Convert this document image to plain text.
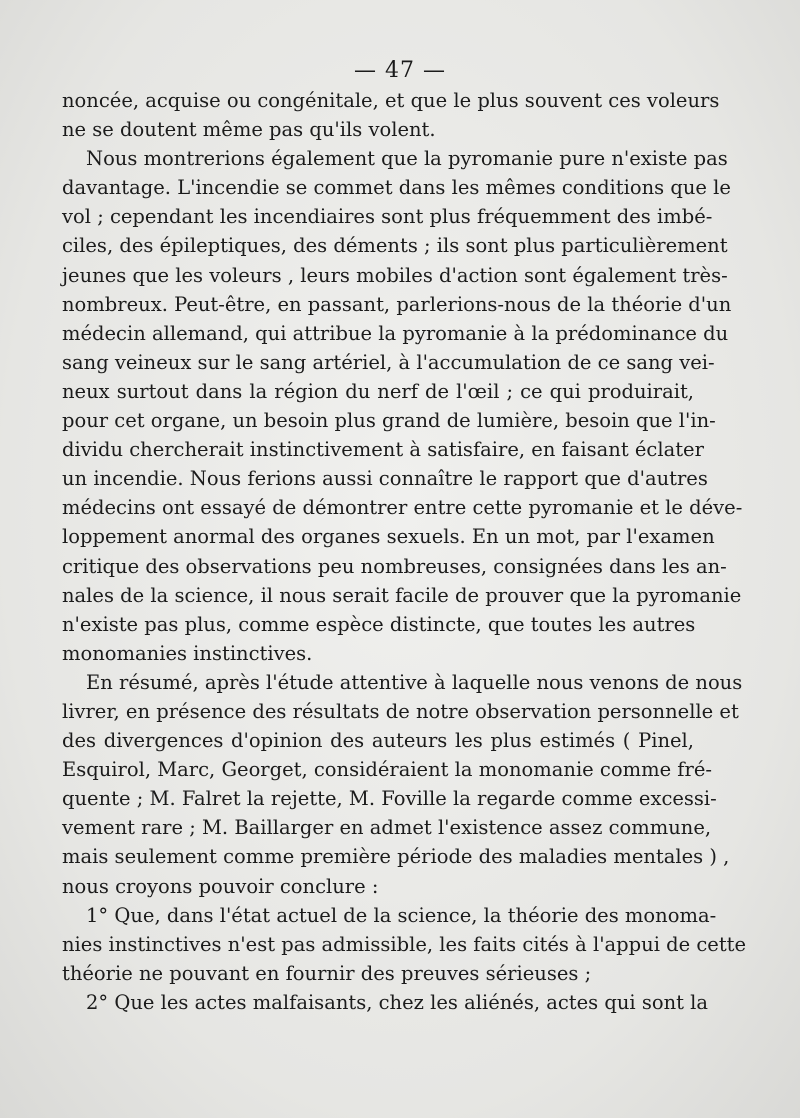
— 47 —
noncée, acquise ou congénitale, et que le plus souvent ces voleurs
ne se doutent même pas qu'ils volent.
Nous montrerions également que la pyromanie pure n'existe pas
davantage. L'incendie se commet dans les mêmes conditions que le
vol ; cependant les incendiaires sont plus fréquemment des imbé-
ciles, des épileptiques, des déments ; ils sont plus particulièrement
jeunes que les voleurs , leurs mobiles d'action sont également très-
nombreux. Peut-être, en passant, parlerions-nous de la théorie d'un
médecin allemand, qui attribue la pyromanie à la prédominance du
sang veineux sur le sang artériel, à l'accumulation de ce sang vei-
neux surtout dans la région du nerf de l'œil ; ce qui produirait,
pour cet organe, un besoin plus grand de lumière, besoin que l'in-
dividu chercherait instinctivement à satisfaire, en faisant éclater
un incendie. Nous ferions aussi connaître le rapport que d'autres
médecins ont essayé de démontrer entre cette pyromanie et le déve-
loppement anormal des organes sexuels. En un mot, par l'examen
critique des observations peu nombreuses, consignées dans les an-
nales de la science, il nous serait facile de prouver que la pyromanie
n'existe pas plus, comme espèce distincte, que toutes les autres
monomanies instinctives.
En résumé, après l'étude attentive à laquelle nous venons de nous
livrer, en présence des résultats de notre observation personnelle et
des divergences d'opinion des auteurs les plus estimés ( Pinel,
Esquirol, Marc, Georget, considéraient la monomanie comme fré-
quente ; M. Falret la rejette, M. Foville la regarde comme excessi-
vement rare ; M. Baillarger en admet l'existence assez commune,
mais seulement comme première période des maladies mentales ) ,
nous croyons pouvoir conclure :
1° Que, dans l'état actuel de la science, la théorie des monoma-
nies instinctives n'est pas admissible, les faits cités à l'appui de cette
théorie ne pouvant en fournir des preuves sérieuses ;
2° Que les actes malfaisants, chez les aliénés, actes qui sont la
